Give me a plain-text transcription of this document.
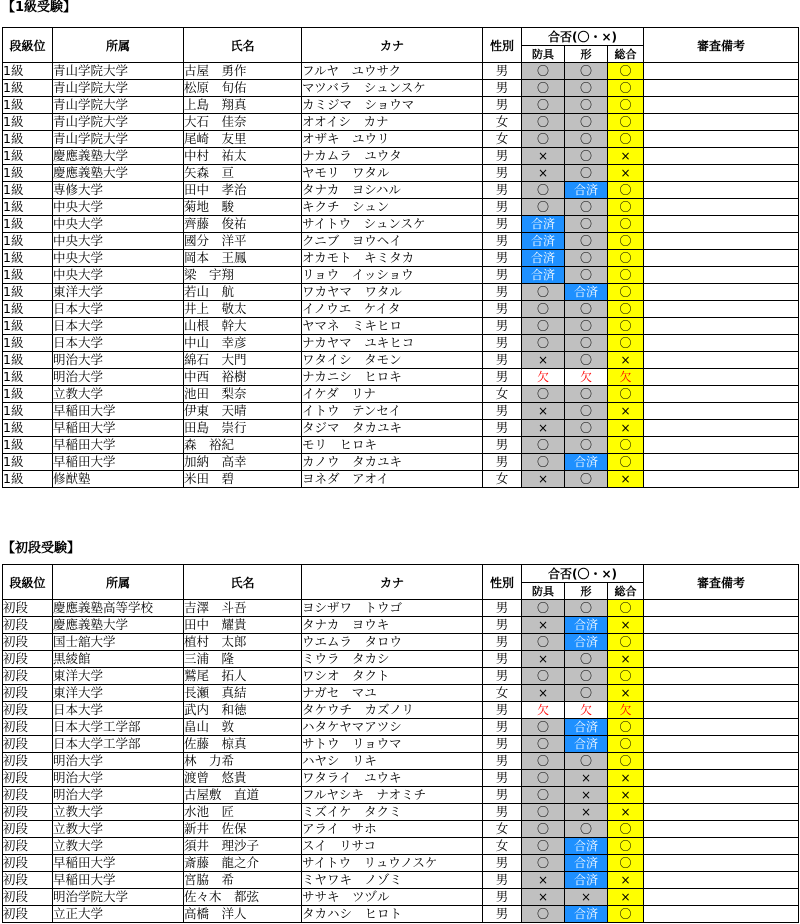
【1級受験】
段級位	所属	氏名	カナ	性別	合否(〇・×)			審査備考
					防具	形	総合	
1級	青山学院大学	古屋　勇作	フルヤ　ユウサク	男	〇	〇	〇	
1級	青山学院大学	松原　旬佑	マツバラ　シュンスケ	男	〇	〇	〇	
1級	青山学院大学	上島　翔真	カミジマ　ショウマ	男	〇	〇	〇	
1級	青山学院大学	大石　佳奈	オオイシ　カナ	女	〇	〇	〇	
1級	青山学院大学	尾崎　友里	オザキ　ユウリ	女	〇	〇	〇	
1級	慶應義塾大学	中村　祐太	ナカムラ　ユウタ	男	×	〇	×	
1級	慶應義塾大学	矢森　亘	ヤモリ　ワタル	男	×	〇	×	
1級	専修大学	田中　孝治	タナカ　ヨシハル	男	〇	合済	〇	
1級	中央大学	菊地　駿	キクチ　シュン	男	〇	〇	〇	
1級	中央大学	齊藤　俊祐	サイトウ　シュンスケ	男	合済	〇	〇	
1級	中央大学	國分　洋平	クニブ　ヨウヘイ	男	合済	〇	〇	
1級	中央大学	岡本　王鳳	オカモト　キミタカ	男	合済	〇	〇	
1級	中央大学	梁　宇翔	リョウ　イッショウ	男	合済	〇	〇	
1級	東洋大学	若山　航	ワカヤマ　ワタル	男	〇	合済	〇	
1級	日本大学	井上　敬太	イノウエ　ケイタ	男	〇	〇	〇	
1級	日本大学	山根　幹大	ヤマネ　ミキヒロ	男	〇	〇	〇	
1級	日本大学	中山　幸彦	ナカヤマ　ユキヒコ	男	〇	〇	〇	
1級	明治大学	綿石　大門	ワタイシ　タモン	男	×	〇	×	
1級	明治大学	中西　裕樹	ナカニシ　ヒロキ	男	欠	欠	欠	
1級	立教大学	池田　梨奈	イケダ　リナ	女	〇	〇	〇	
1級	早稲田大学	伊東　天晴	イトウ　テンセイ	男	×	〇	×	
1級	早稲田大学	田島　崇行	タジマ　タカユキ	男	×	〇	×	
1級	早稲田大学	森　裕紀	モリ　ヒロキ	男	〇	〇	〇	
1級	早稲田大学	加納　高幸	カノウ　タカユキ	男	〇	合済	〇	
1級	修猷塾	米田　碧	ヨネダ　アオイ	女	×	〇	×	
【初段受験】
段級位	所属	氏名	カナ	性別	合否(〇・×)			審査備考
					防具	形	総合	
初段	慶應義塾高等学校	吉澤　斗吾	ヨシザワ　トウゴ	男	〇	〇	〇	
初段	慶應義塾大学	田中　耀貴	タナカ　ヨウキ	男	×	合済	×	
初段	国士舘大学	植村　太郎	ウエムラ　タロウ	男	〇	合済	〇	
初段	黒綾館	三浦　隆	ミウラ　タカシ	男	×	〇	×	
初段	東洋大学	鷲尾　拓人	ワシオ　タクト	男	〇	〇	〇	
初段	東洋大学	長瀬　真結	ナガセ　マユ	女	×	〇	×	
初段	日本大学	武内　和徳	タケウチ　カズノリ	男	欠	欠	欠	
初段	日本大学工学部	畠山　敦	ハタケヤマアツシ	男	〇	合済	〇	
初段	日本大学工学部	佐藤　椋真	サトウ　リョウマ	男	〇	合済	〇	
初段	明治大学	林　力希	ハヤシ　リキ	男	〇	〇	〇	
初段	明治大学	渡曾　悠貴	ワタライ　ユウキ	男	〇	×	×	
初段	明治大学	古屋敷　直道	フルヤシキ　ナオミチ	男	〇	×	×	
初段	立教大学	水池　匠	ミズイケ　タクミ	男	〇	×	×	
初段	立教大学	新井　佐保	アライ　サホ	女	〇	〇	〇	
初段	立教大学	須井　理沙子	スイ　リサコ	女	〇	合済	〇	
初段	早稲田大学	斎藤　龍之介	サイトウ　リュウノスケ	男	〇	合済	〇	
初段	早稲田大学	宮脇　希	ミヤワキ　ノゾミ	男	×	合済	×	
初段	明治学院大学	佐々木　都弦	ササキ　ツヅル	男	×	×	×	
初段	立正大学	高橋　洋人	タカハシ　ヒロト	男	〇	合済	〇	
